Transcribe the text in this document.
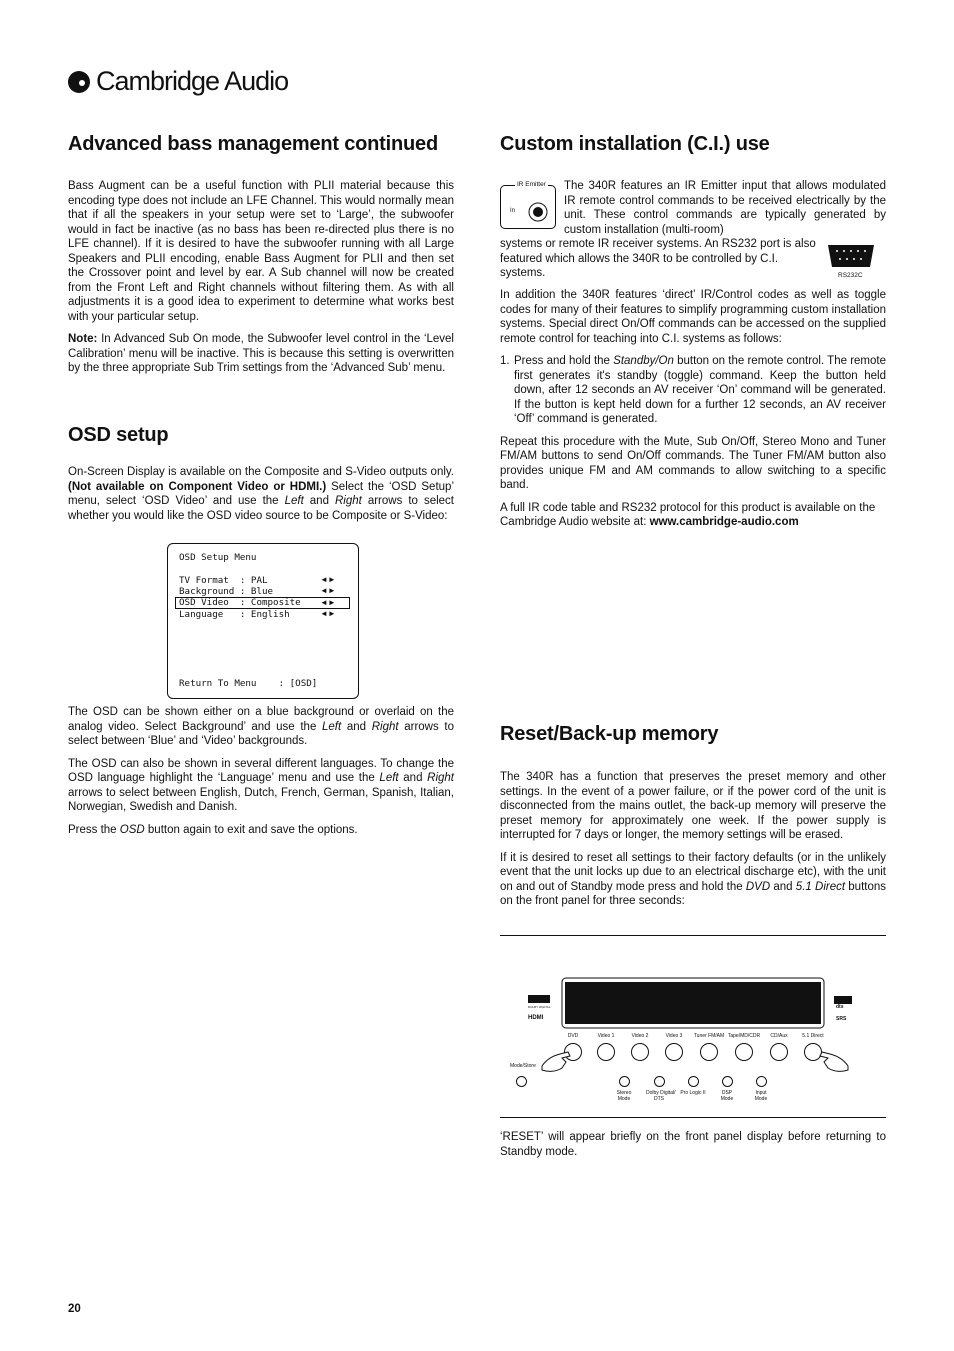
Cambridge Audio
Advanced bass management continued

Bass Augment can be a useful function with PLII material because this encoding type does not include an LFE Channel. This would normally mean that if all the speakers in your setup were set to ‘Large’, the subwoofer would in fact be inactive (as no bass has been re-directed plus there is no LFE channel). If it is desired to have the subwoofer running with all Large Speakers and PLII encoding, enable Bass Augment for PLII and then set the Crossover point and level by ear. A Sub channel will now be created from the Front Left and Right channels without filtering them. As with all adjustments it is a good idea to experiment to determine what works best with your particular setup.

Note: In Advanced Sub On mode, the Subwoofer level control in the ‘Level Calibration’ menu will be inactive. This is because this setting is overwritten by the three appropriate Sub Trim settings from the ‘Advanced Sub’ menu.

OSD setup

On-Screen Display is available on the Composite and S-Video outputs only. (Not available on Component Video or HDMI.) Select the ‘OSD Setup’ menu, select ‘OSD Video’ and use the Left and Right arrows to select whether you would like the OSD video source to be Composite or S-Video:

OSD Setup Menu
TV Format : PAL	◄►
Background : Blue	◄►
OSD Video : Composite ◄►
Language : English	◄►
Return To Menu    : [OSD]

The OSD can be shown either on a blue background or overlaid on the analog video. Select Background’ and use the Left and Right arrows to select between ‘Blue’ and ‘Video’ backgrounds.

The OSD can also be shown in several different languages. To change the OSD language highlight the ‘Language’ menu and use the Left and Right arrows to select between English, Dutch, French, German, Spanish, Italian, Norwegian, Swedish and Danish.

Press the OSD button again to exit and save the options.

Custom installation (C.I.) use
IR Emitter
In

The 340R features an IR Emitter input that allows modulated IR remote control commands to be received electrically by the unit. These control commands are typically generated by custom installation (multi-room)

systems or remote IR receiver systems. An RS232 port is also featured which allows the 340R to be controlled by C.I. systems.	RS232C

In addition the 340R features ‘direct’ IR/Control codes as well as toggle codes for many of their features to simplify programming custom installation systems. Special direct On/Off commands can be accessed on the supplied remote control for teaching into C.I. systems as follows:

1. Press and hold the Standby/On button on the remote control. The remote first generates it's standby (toggle) command. Keep the button held down, after 12 seconds an AV receiver ‘On’ command will be generated. If the button is kept held down for a further 12 seconds, an AV receiver ‘Off’ command is generated.

Repeat this procedure with the Mute, Sub On/Off, Stereo Mono and Tuner FM/AM buttons to send On/Off commands. The Tuner FM/AM button also provides unique FM and AM commands to allow switching to a specific band.

A full IR code table and RS232 protocol for this product is available on the Cambridge Audio website at: www.cambridge-audio.com

Reset/Back-up memory

The 340R has a function that preserves the preset memory and other settings. In the event of a power failure, or if the power cord of the unit is disconnected from the mains outlet, the back-up memory will preserve the preset memory for approximately one week. If the power supply is interrupted for 7 days or longer, the memory settings will be erased.

If it is desired to reset all settings to their factory defaults (or in the unlikely event that the unit locks up due to an electrical discharge etc), with the unit on and out of Standby mode press and hold the DVD and 5.1 Direct buttons on the front panel for three seconds:

HDMI
DOLBY DIGITAL	dts
SRS
DVD	Video 1	Video 2	Video 3	Tuner FM/AM Tape/MD/CDR	CD/Aux	5.1 Direct
Mode/Store
Stereo
Mode
Dolby Digital/
DTS
Pro Logic II	DSP
Mode
Input
Mode

‘RESET’ will appear briefly on the front panel display before returning to Standby mode.

20
